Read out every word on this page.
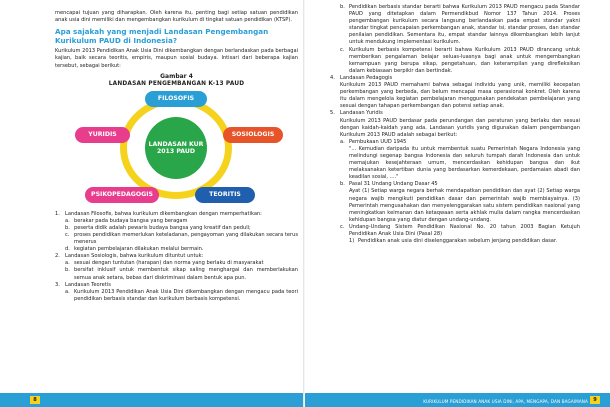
mencapai tujuan yang diharapkan. Oleh karena itu, penting bagi setiap satuan pendidikan anak usia dini memiliki dan mengembangkan kurikulum di tingkat satuan pendidikan (KTSP).

Apa sajakah yang menjadi Landasan Pengembangan Kurikulum PAUD di Indonesia?

Kurikulum 2013 Pendidikan Anak Usia Dini dikembangkan dengan berlandaskan pada berbagai kajian, baik secara teoritis, empiris, maupun sosial budaya. Intisari dari beberapa kajian tersebut, sebagai berikut:

Gambar 4
LANDASAN PENGEMBANGAN K-13 PAUD
LANDASAN KUR 2013 PAUD
FILOSOFIS
YURIDIS	SOSIOLOGIS
PSIKOPEDAGOGIS	TEORITIS
1. Landasan Filosofis, bahwa kurikulum dikembangkan dengan memperhatikan:
a. berakar pada budaya bangsa yang beragam
b. peserta didik adalah pewaris budaya bangsa yang kreatif dan peduli;
c. proses pendidikan memerlukan keteladanan, pengayoman yang dilakukan secara terus menerus
d. kegiatan pembelajaran dilakukan melalui bermain.
2. Landasan Sosiologis, bahwa kurikulum dituntut untuk:
a. sesuai dengan tuntutan (harapan) dan norma yang berlaku di masyarakat
b. bersifat inklusif untuk membentuk sikap saling menghargai dan memberlakukan semua anak setara, bebas dari diskriminasi dalam bentuk apa pun.
3. Landasan Teoretis
a. Kurikulum 2013 Pendidikan Anak Usia Dini dikembangkan dengan mengacu pada teori pendidikan berbasis standar dan kurikulum berbasis kompetensi.
8
b. Pendidikan berbasis standar berarti bahwa Kurikulum 2013 PAUD mengacu pada Standar PAUD yang ditetapkan dalam Permendikbud Nomor 137 Tahun 2014. Proses pengembangan kurikulum secara langsung berlandaskan pada empat standar yakni standar tingkat pencapaian perkembangan anak, standar isi, standar proses, dan standar penilaian pendidikan. Sementara itu, empat standar lainnya dikembangkan lebih lanjut untuk mendukung implementasi kurikulum.
c. Kurikulum berbasis kompetensi berarti bahwa Kurikulum 2013 PAUD dirancang untuk memberikan pengalaman belajar seluas-luasnya bagi anak untuk mengembangkan kemampuan yang berupa sikap, pengetahuan, dan keterampilan yang direfleksikan dalam kebiasaan berpikir dan bertindak.
4. Landasan Pedagogis
Kurikulum 2013 PAUD memahami bahwa sebagai individu yang unik, memiliki kecepatan perkembangan yang berbeda, dan belum mencapai masa operasional konkret. Oleh karena itu dalam mengelola kegiatan pembelajaran menggunakan pendekatan pembelajaran yang sesuai dengan tahapan perkembangan dan potensi setiap anak.
5. Landasan Yuridis
Kurikulum 2013 PAUD berdasar pada perundangan dan peraturan yang berlaku dan sesuai dengan kaidah-kaidah yang ada. Landasan yuridis yang digunakan dalam pengembangan Kurikulum 2013 PAUD adalah sebagai berikut:
a. Pembukaan UUD 1945
"... Kemudian daripada itu untuk membentuk suatu Pemerintah Negara Indonesia yang melindungi segenap bangsa Indonesia dan seluruh tumpah darah Indonesia dan untuk memajukan kesejahteraan umum, mencerdaskan kehidupan bangsa dan ikut melaksanakan ketertiban dunia yang berdasarkan kemerdekaan, perdamaian abadi dan keadilan sosial, ...."
b. Pasal 31 Undang Undang Dasar 45
Ayat (1) Setiap warga negara berhak mendapatkan pendidikan dan ayat (2) Setiap warga negara wajib mengikuti pendidikan dasar dan pemerintah wajib membiayainya. (3) Pemerintah mengusahakan dan menyelenggarakan satu sistem pendidikan nasional yang meningkatkan keimanan dan ketaqwaan serta akhlak mulia dalam rangka mencerdaskan kehidupan bangsa yang diatur dengan undang-undang.
c. Undang-Undang Sistem Pendidikan Nasional No. 20 tahun 2003 Bagian Ketujuh Pendidikan Anak Usia Dini (Pasal 28)
1) Pendidikan anak usia dini diselenggarakan sebelum jenjang pendidikan dasar.
KURIKULUM PENDIDIKAN ANAK USIA DINI, APA, MENGAPA, DAN BAGAIMANA	9
